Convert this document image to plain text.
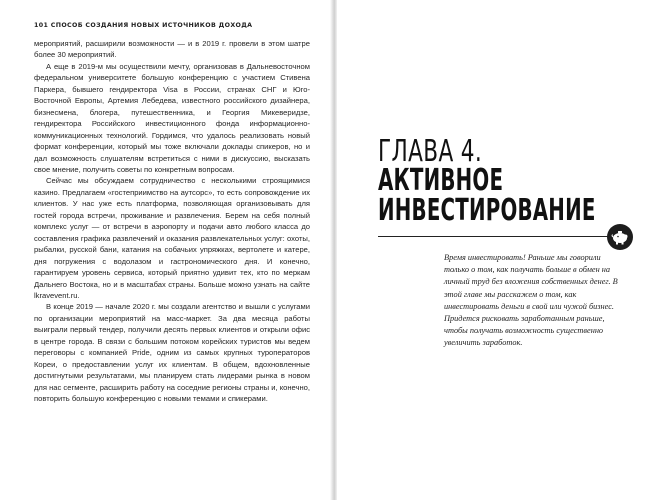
101 СПОСОБ СОЗДАНИЯ НОВЫХ ИСТОЧНИКОВ ДОХОДА

мероприятий, расширили возможности — и в 2019 г. провели в этом шатре более 30 мероприятий.

А еще в 2019-м мы осуществили мечту, организовав в Дальневосточном федеральном университете большую конференцию с участием Стивена Паркера, бывшего гендиректора Visa в России, странах СНГ и Юго-Восточной Европы, Артемия Лебедева, известного российского дизайнера, бизнесмена, блогера, путешественника, и Георгия Микеверидзе, гендиректора Российского инвестиционного фонда информационно-коммуникационных технологий. Гордимся, что удалось реализовать новый формат конференции, который мы тоже включали доклады спикеров, но и дал возможность слушателям встретиться с ними в дискуссию, высказать свое мнение, получить советы по конкретным вопросам.

Сейчас мы обсуждаем сотрудничество с несколькими строящимися казино. Предлагаем «гостеприимство на аутсорс», то есть сопровождение их клиентов. У нас уже есть платформа, позволяющая организовывать для гостей города встречи, проживание и развлечения. Берем на себя полный комплекс услуг — от встречи в аэропорту и подачи авто любого класса до составления графика развлечений и оказания развлекательных услуг: охоты, рыбалки, русской бани, катания на собачьих упряжках, вертолете и катере, дня погружения с водолазом и гастрономического дня. И конечно, гарантируем уровень сервиса, который приятно удивит тех, кто по меркам Дальнего Востока, но и в масштабах страны. Больше можно узнать на сайте lkravevent.ru.

В конце 2019 — начале 2020 г. мы создали агентство и вышли с услугами по организации мероприятий на масс-маркет. За два месяца работы выиграли первый тендер, получили десять первых клиентов и открыли офис в центре города. В связи с большим потоком корейских туристов мы ведем переговоры с компанией Pride, одним из самых крупных туроператоров Кореи, о предоставлении услуг их клиентам. В общем, вдохновленные достигнутыми результатами, мы планируем стать лидерами рынка в новом для нас сегменте, расширить работу на соседние регионы страны и, конечно, повторить большую конференцию с новыми темами и спикерами.

ГЛАВА 4.
АКТИВНОЕ
ИНВЕСТИРОВАНИЕ

Время инвестировать! Раньше мы говорили только о том, как получать больше в обмен на личный труд без вложения собственных денег. В этой главе мы расскажем о том, как инвестировать деньги в свой или чужой бизнес. Придется рисковать заработанным раньше, чтобы получать возможность существенно увеличить заработок.
